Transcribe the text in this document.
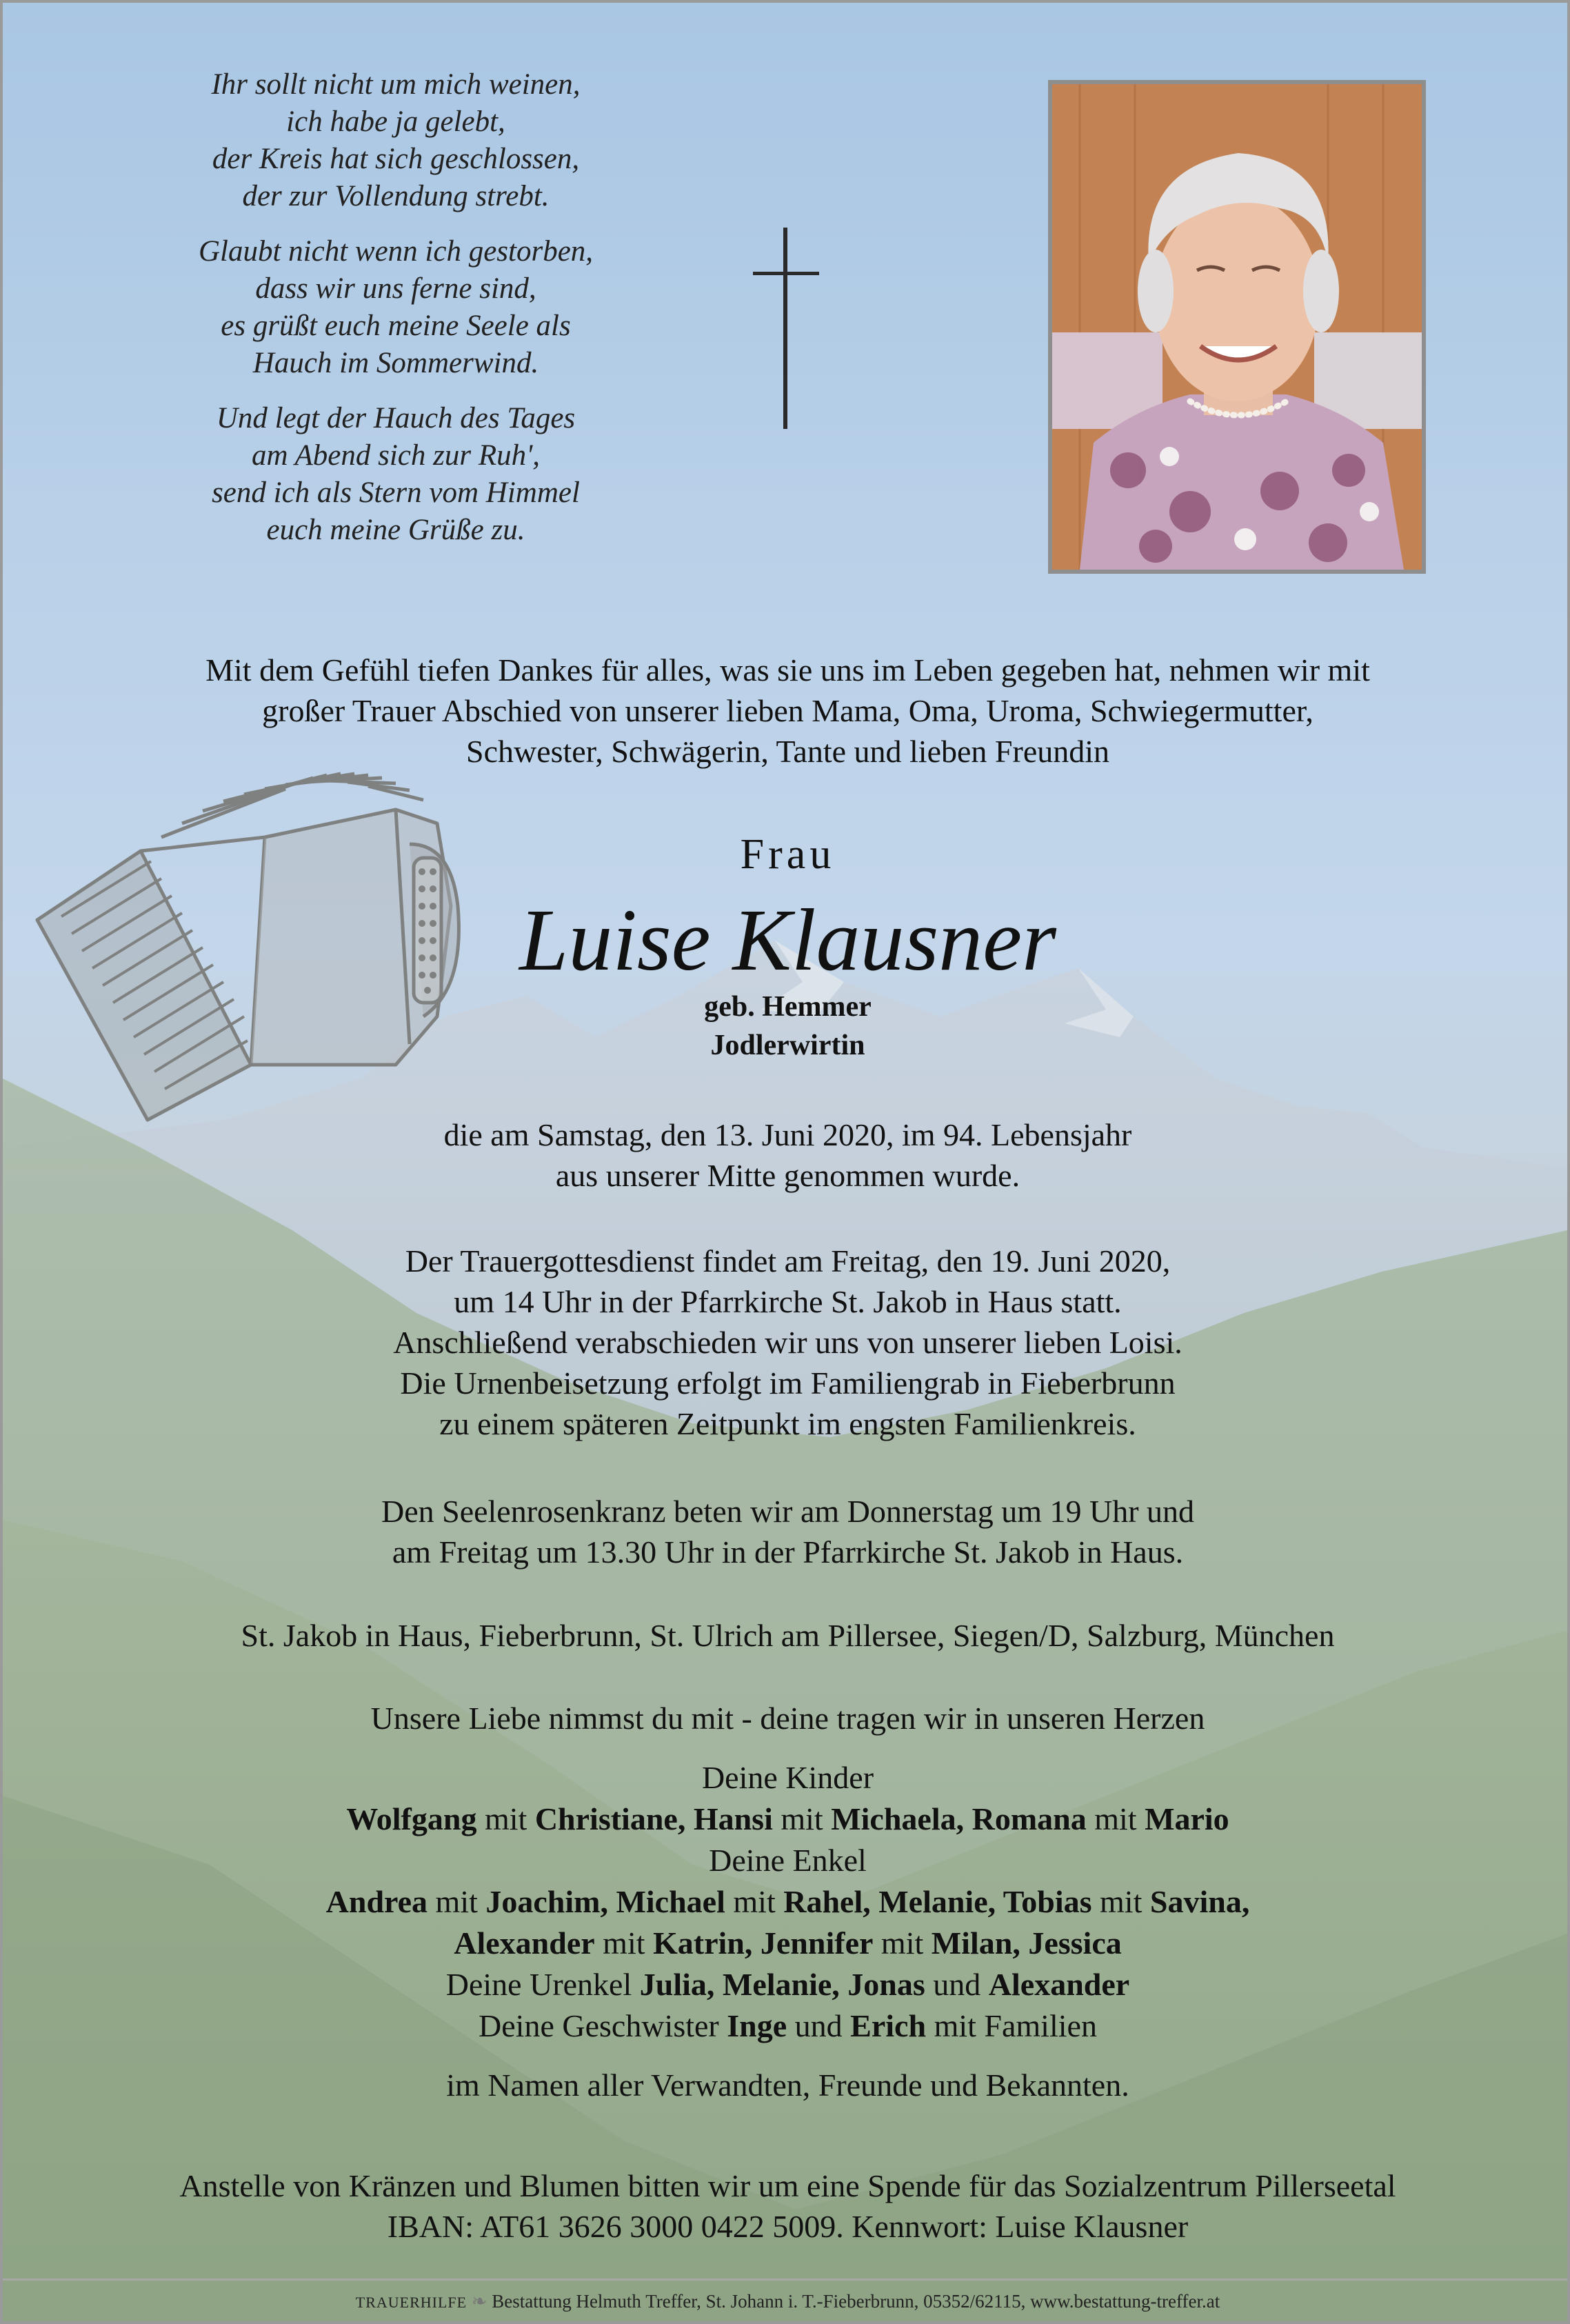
Ihr sollt nicht um mich weinen,
ich habe ja gelebt,
der Kreis hat sich geschlossen,
der zur Vollendung strebt.
Glaubt nicht wenn ich gestorben,
dass wir uns ferne sind,
es grüßt euch meine Seele als
Hauch im Sommerwind.
Und legt der Hauch des Tages
am Abend sich zur Ruh',
send ich als Stern vom Himmel
euch meine Grüße zu.
Mit dem Gefühl tiefen Dankes für alles, was sie uns im Leben gegeben hat, nehmen wir mit
großer Trauer Abschied von unserer lieben Mama, Oma, Uroma, Schwiegermutter,
Schwester, Schwägerin, Tante und lieben Freundin
Frau
Luise Klausner
geb. Hemmer
Jodlerwirtin
die am Samstag, den 13. Juni 2020, im 94. Lebensjahr
aus unserer Mitte genommen wurde.
Der Trauergottesdienst findet am Freitag, den 19. Juni 2020,
um 14 Uhr in der Pfarrkirche St. Jakob in Haus statt.
Anschließend verabschieden wir uns von unserer lieben Loisi.
Die Urnenbeisetzung erfolgt im Familiengrab in Fieberbrunn
zu einem späteren Zeitpunkt im engsten Familienkreis.
Den Seelenrosenkranz beten wir am Donnerstag um 19 Uhr und
am Freitag um 13.30 Uhr in der Pfarrkirche St. Jakob in Haus.
St. Jakob in Haus, Fieberbrunn, St. Ulrich am Pillersee, Siegen/D, Salzburg, München
Unsere Liebe nimmst du mit - deine tragen wir in unseren Herzen
Deine Kinder
Wolfgang mit Christiane, Hansi mit Michaela, Romana mit Mario
Deine Enkel
Andrea mit Joachim, Michael mit Rahel, Melanie, Tobias mit Savina,
Alexander mit Katrin, Jennifer mit Milan, Jessica
Deine Urenkel Julia, Melanie, Jonas und Alexander
Deine Geschwister Inge und Erich mit Familien
im Namen aller Verwandten, Freunde und Bekannten.
Anstelle von Kränzen und Blumen bitten wir um eine Spende für das Sozialzentrum Pillerseetal
IBAN: AT61 3626 3000 0422 5009. Kennwort: Luise Klausner
TRAUERHILFE ❧ Bestattung Helmuth Treffer, St. Johann i. T.-Fieberbrunn, 05352/62115, www.bestattung-treffer.at
